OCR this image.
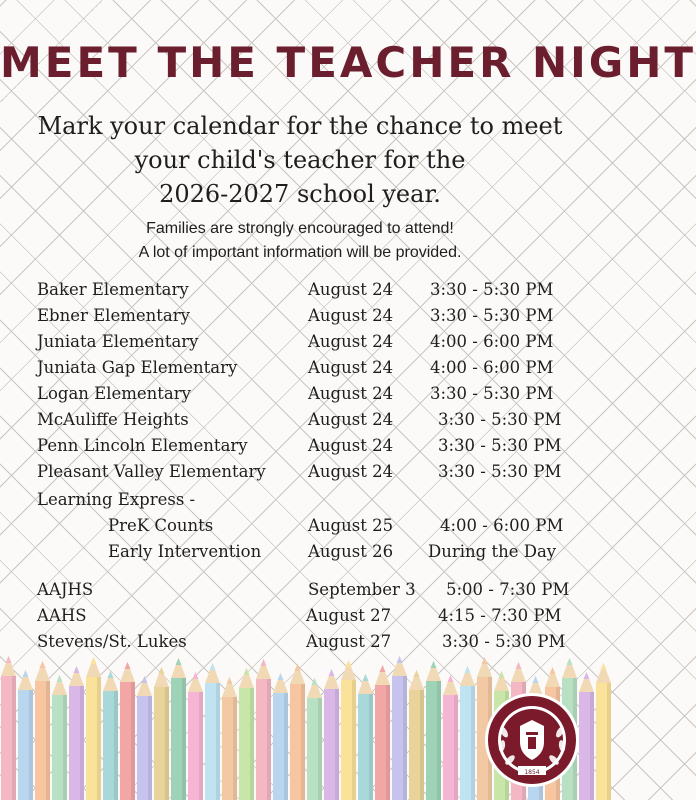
MEET THE TEACHER NIGHT
Mark your calendar for the chance to meet
your child's teacher for the
2026-2027 school year.
Families are strongly encouraged to attend!
A lot of important information will be provided.
Baker Elementary	August 24 3:30 - 5:30 PM
Ebner Elementary	August 24 3:30 - 5:30 PM
Juniata Elementary	August 24 4:00 - 6:00 PM
Juniata Gap Elementary	August 24 4:00 - 6:00 PM
Logan Elementary	August 24 3:30 - 5:30 PM
McAuliffe Heights	August 24	3:30 - 5:30 PM
Penn Lincoln Elementary	August 24	3:30 - 5:30 PM
Pleasant Valley Elementary	August 24	3:30 - 5:30 PM
Learning Express -
PreK Counts	August 25	4:00 - 6:00 PM
Early Intervention	August 26 During the Day
AAJHS	September 3 5:00 - 7:30 PM
AAHS	August 27	4:15 - 7:30 PM
Stevens/St. Lukes	August 27	3:30 - 5:30 PM
1854
